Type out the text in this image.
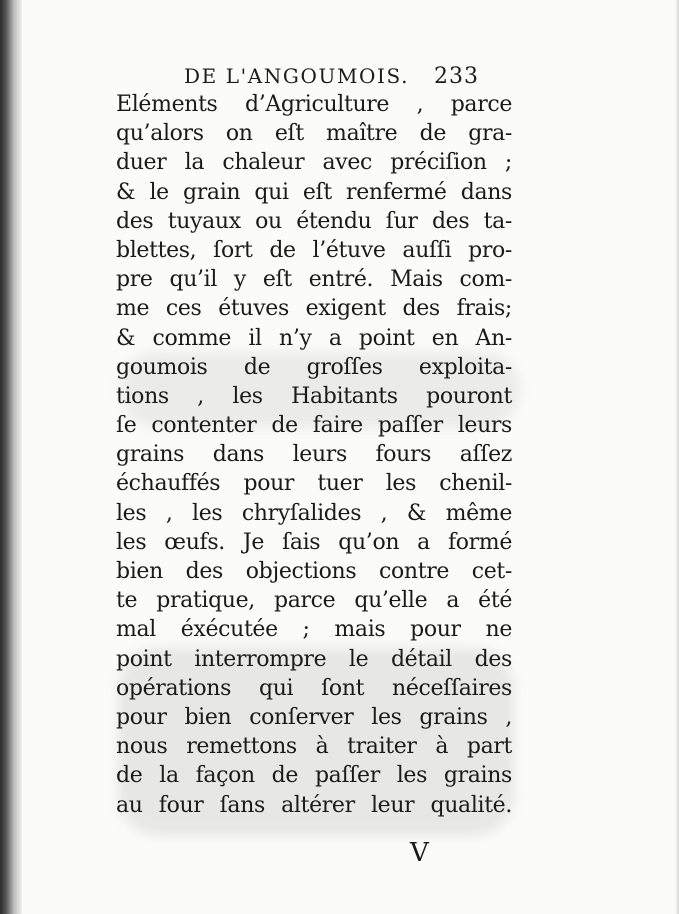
DE L'ANGOUMOIS. 233
Eléments d’Agriculture , parce
qu’alors on eſt maître de gra-
duer la chaleur avec préciſion ;
& le grain qui eſt renfermé dans
des tuyaux ou étendu ſur des ta-
blettes, ſort de l’étuve auſſi pro-
pre qu’il y eſt entré. Mais com-
me ces étuves exigent des frais;
& comme il n’y a point en An-
goumois de groſſes exploita-
tions , les Habitants pouront
ſe contenter de faire paſſer leurs
grains dans leurs fours aſſez
échauffés pour tuer les chenil-
les , les chryſalides , & même
les œufs. Je ſais qu’on a formé
bien des objections contre cet-
te pratique, parce qu’elle a été
mal éxécutée ; mais pour ne
point interrompre le détail des
opérations qui ſont néceſſaires
pour bien conſerver les grains ,
nous remettons à traiter à part
de la façon de paſſer les grains
au four ſans altérer leur qualité.
V
